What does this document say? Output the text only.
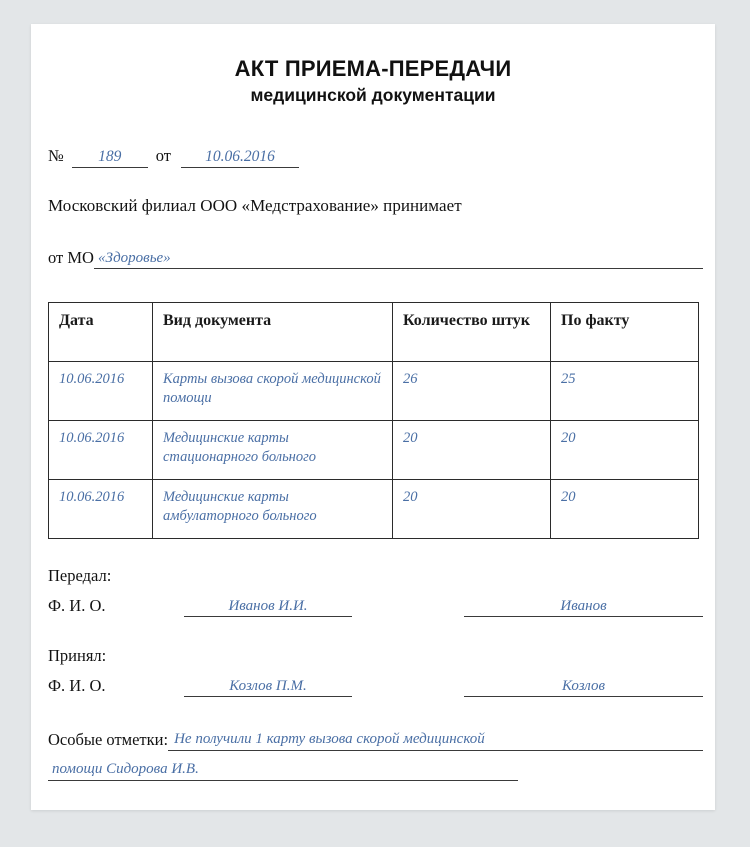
АКТ ПРИЕМА-ПЕРЕДАЧИ
медицинской документации
№	189	от	10.06.2016
Московский филиал ООО «Медстрахование» принимает
от МО «Здоровье»
Дата	Вид документа	Количество штук	По факту
10.06.2016	Карты вызова скорой медицинской помощи	26	25
10.06.2016	Медицинские карты стационарного больного	20	20
10.06.2016	Медицинские карты амбулаторного больного	20	20
Передал:
Ф. И. О.	Иванов И.И.	Иванов
Принял:
Ф. И. О.	Козлов П.М.	Козлов
Особые отметки: Не получили 1 карту вызова скорой медицинской
помощи Сидорова И.В.
